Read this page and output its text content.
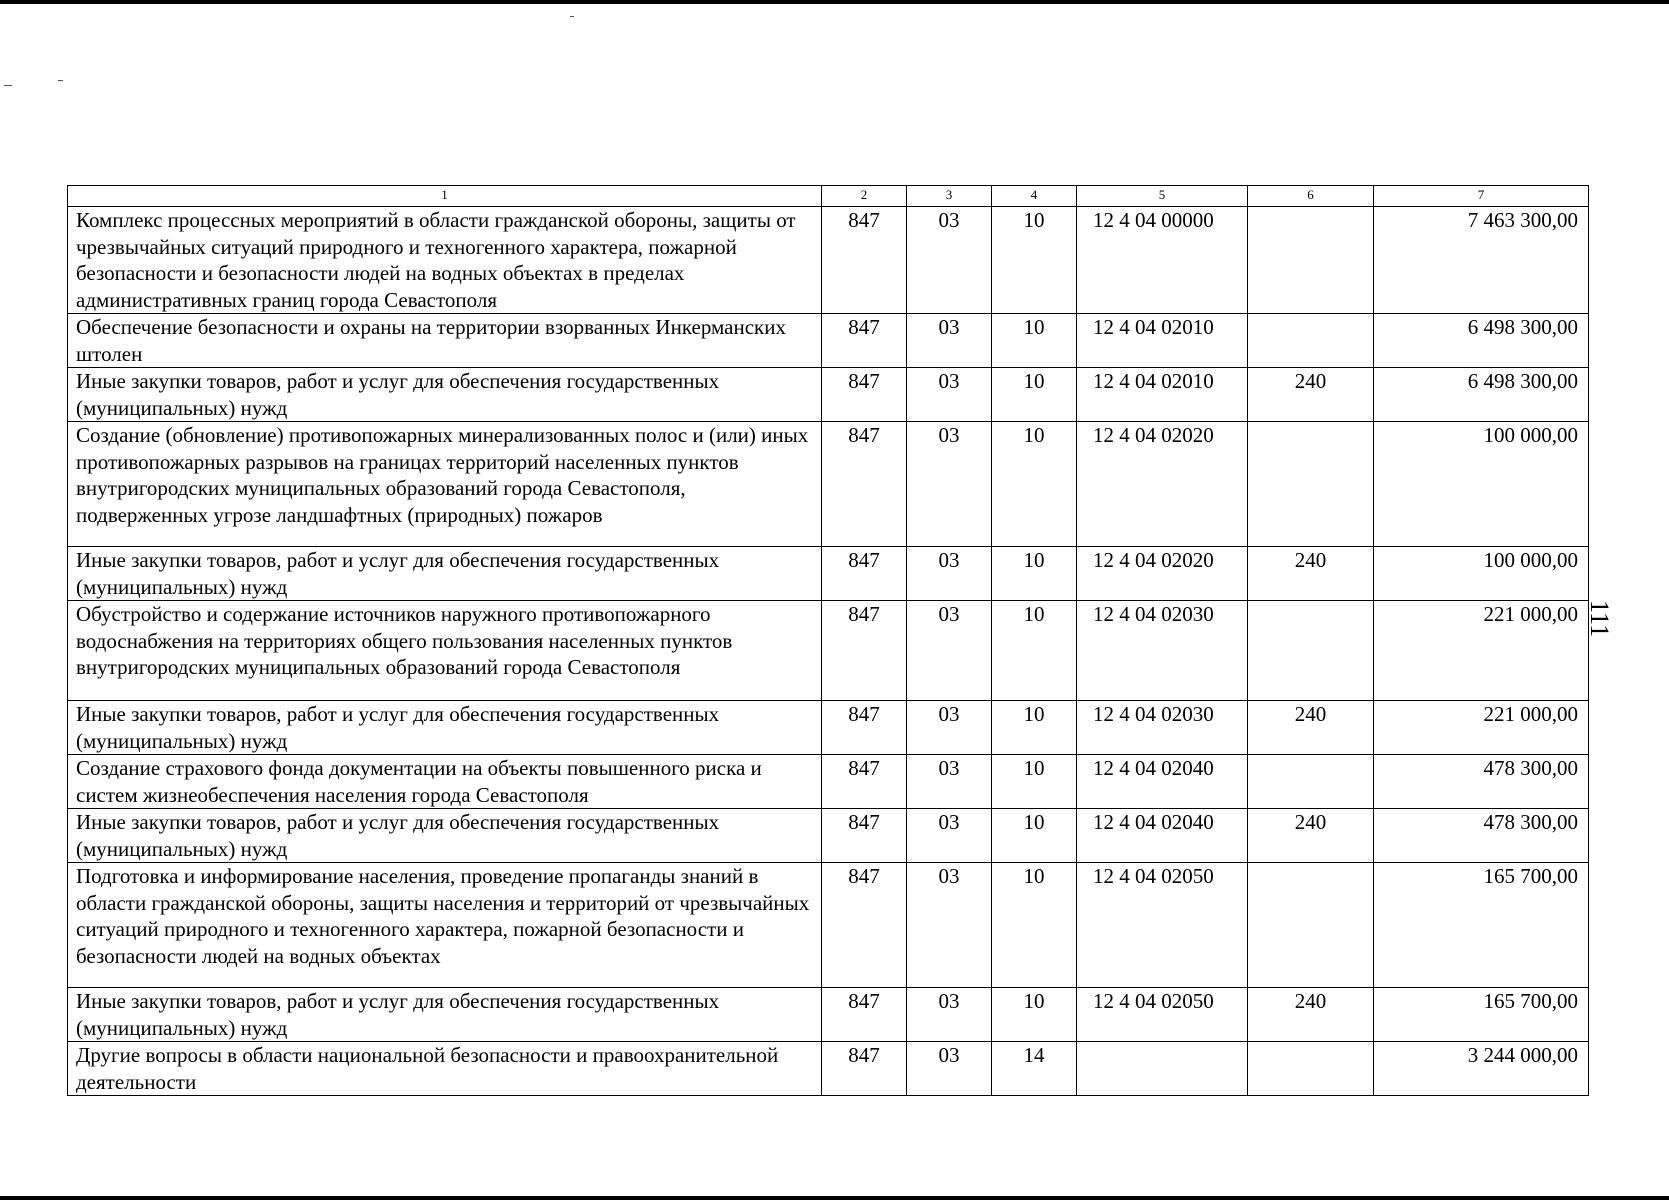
1	2	3	4	5	6	7
Комплекс процессных мероприятий в области гражданской обороны, защиты от чрезвычайных ситуаций природного и техногенного характера, пожарной безопасности и безопасности людей на водных объектах в пределах административных границ города Севастополя	847	03	10	12 4 04 00000		7 463 300,00
Обеспечение безопасности и охраны на территории взорванных Инкерманских штолен	847	03	10	12 4 04 02010		6 498 300,00
Иные закупки товаров, работ и услуг для обеспечения государственных (муниципальных) нужд	847	03	10	12 4 04 02010	240	6 498 300,00
Создание (обновление) противопожарных минерализованных полос и (или) иных противопожарных разрывов на границах территорий населенных пунктов внутригородских муниципальных образований города Севастополя, подверженных угрозе ландшафтных (природных) пожаров	847	03	10	12 4 04 02020		100 000,00
Иные закупки товаров, работ и услуг для обеспечения государственных (муниципальных) нужд	847	03	10	12 4 04 02020	240	100 000,00
Обустройство и содержание источников наружного противопожарного водоснабжения на территориях общего пользования населенных пунктов внутригородских муниципальных образований города Севастополя	847	03	10	12 4 04 02030		221 000,00
Иные закупки товаров, работ и услуг для обеспечения государственных (муниципальных) нужд	847	03	10	12 4 04 02030	240	221 000,00
Создание страхового фонда документации на объекты повышенного риска и систем жизнеобеспечения населения города Севастополя	847	03	10	12 4 04 02040		478 300,00
Иные закупки товаров, работ и услуг для обеспечения государственных (муниципальных) нужд	847	03	10	12 4 04 02040	240	478 300,00
Подготовка и информирование населения, проведение пропаганды знаний в области гражданской обороны, защиты населения и территорий от чрезвычайных ситуаций природного и техногенного характера, пожарной безопасности и безопасности людей на водных объектах	847	03	10	12 4 04 02050		165 700,00
Иные закупки товаров, работ и услуг для обеспечения государственных (муниципальных) нужд	847	03	10	12 4 04 02050	240	165 700,00
Другие вопросы в области национальной безопасности и правоохранительной деятельности	847	03	14			3 244 000,00
111
